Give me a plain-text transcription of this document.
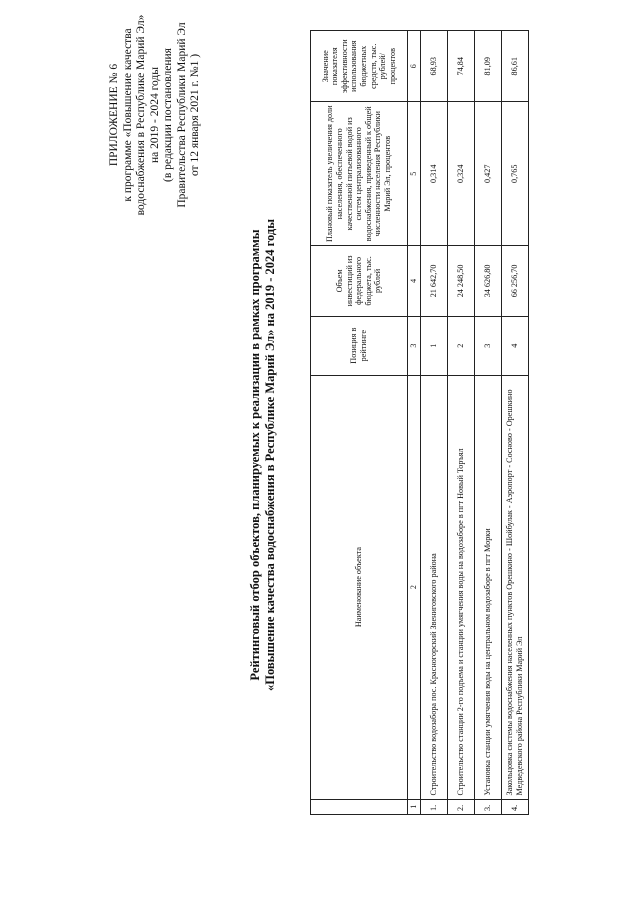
ПРИЛОЖЕНИЕ № 6 к программе «Повышение качества водоснабжения в Республике Марий Эл» на 2019 - 2024 годы (в редакции постановления Правительства Республики Марий Эл от 12 января 2021 г. №1 )
Рейтинговый отбор объектов, планируемых к реализации в рамках программы «Повышение качества водоснабжения в Республике Марий Эл» на 2019 - 2024 годы
		Наименование объекта	Позиция в рейтинге	Объем инвестиций из федерального бюджета, тыс. рублей	Плановый показатель увеличения доли населения, обеспеченного качественной питьевой водой из систем централизованного водоснабжения, приведенный к общей численности населения Республики Марий Эл, процентов	Значение показателя эффективности использования бюджетных средств, тыс. рублей/ процентов
1	2	3	4	5	6
1.	Строительство водозабора пос. Красногорский Звениговского района	1	21 642,70	0,314	68,93
2.	Строительство станции 2-го подъема и станции умягчения воды на водозаборе в пгт Новый Торъял	2	24 248,50	0,324	74,84
3.	Установка станции умягчения воды на центральном водозаборе в пгт Морки	3	34 626,80	0,427	81,09
4.	Закольцовка системы водоснабжения населенных пунктов Орешкино - Шойбулак - Аэропорт - Сосново - Орешкино Медведевского района Республики Марий Эл	4	66 256,70	0,765	86,61
